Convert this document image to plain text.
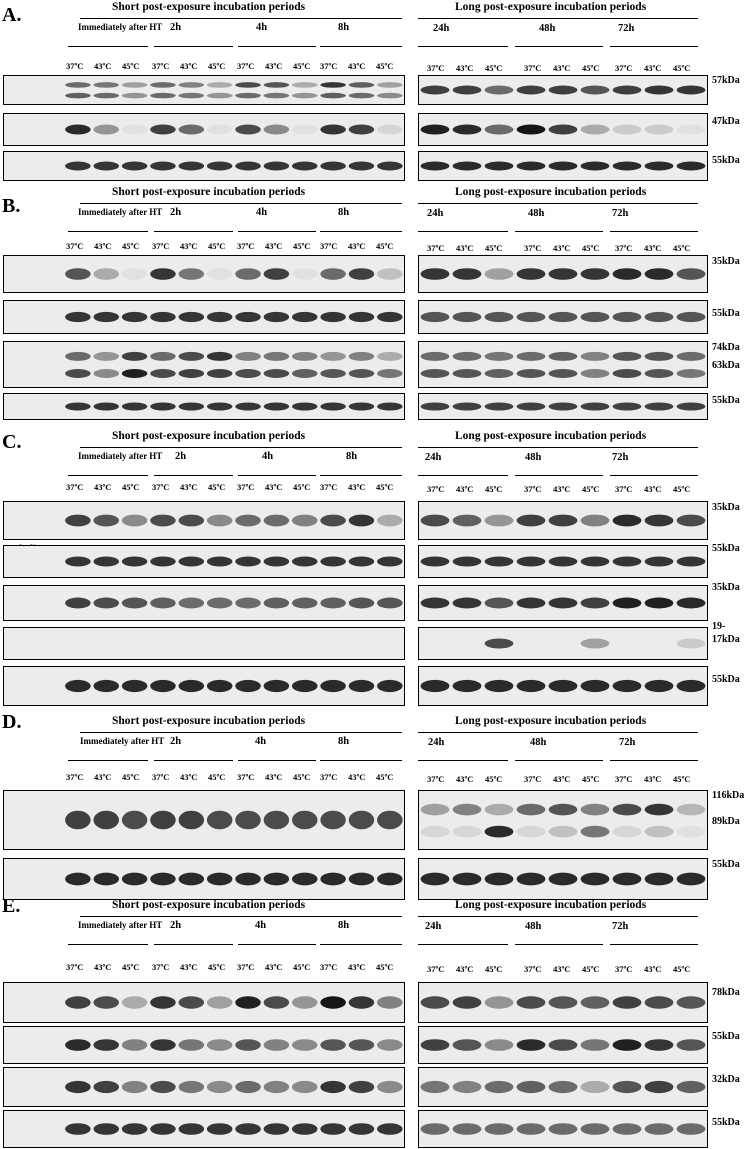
A.	Short post-exposure incubation periods	Long post-exposure incubation periods
Immediately after HT 2h	4h	8h	24h	48h	72h
37ºC 43ºC 45ºC 37ºC 43ºC 45ºC 37ºC 43ºC 45ºC 37ºC 43ºC 45ºC	37ºC 43ºC 45ºC	37ºC 43ºC 45ºC 37ºC 43ºC 45ºC
57kDa
47kDa
55kDa
B.
Short post-exposure incubation periods	Long post-exposure incubation periods
Immediately after HT 2h	4h	8h	24h	48h	72h
37ºC 43ºC 45ºC 37ºC 43ºC 45ºC 37ºC 43ºC 45ºC 37ºC 43ºC 45ºC	37ºC 43ºC 45ºC	37ºC 43ºC 45ºC 37ºC 43ºC 45ºC
35kDa
55kDa
74kDa
63kDa
55kDa
C.	Short post-exposure incubation periods	Long post-exposure incubation periods
Immediately after HT 2h	4h	8h	24h	48h	72h
37ºC 43ºC 45ºC 37ºC 43ºC 45ºC 37ºC 43ºC 45ºC 37ºC 43ºC 45ºC	37ºC 43ºC 45ºC	37ºC 43ºC 45ºC 37ºC 43ºC 45ºC
35kDa
55kDa
35kDa
19-
17kDa
55kDa
D.	Short post-exposure incubation periods	Long post-exposure incubation periods
Immediately after HT 2h	4h	8h	24h	48h	72h
37ºC 43ºC 45ºC 37ºC 43ºC 45ºC 37ºC 43ºC 45ºC 37ºC 43ºC 45ºC	37ºC 43ºC 45ºC	37ºC 43ºC 45ºC 37ºC 43ºC 45ºC
116kDa
89kDa
55kDa
E.	Short post-exposure incubation periods	Long post-exposure incubation periods
Immediately after HT 2h	4h	8h	24h	48h	72h
37ºC 43ºC 45ºC 37ºC 43ºC 45ºC 37ºC 43ºC 45ºC 37ºC 43ºC 45ºC	37ºC 43ºC 45ºC	37ºC 43ºC 45ºC 37ºC 43ºC 45ºC
78kDa
55kDa
32kDa
55kDa
